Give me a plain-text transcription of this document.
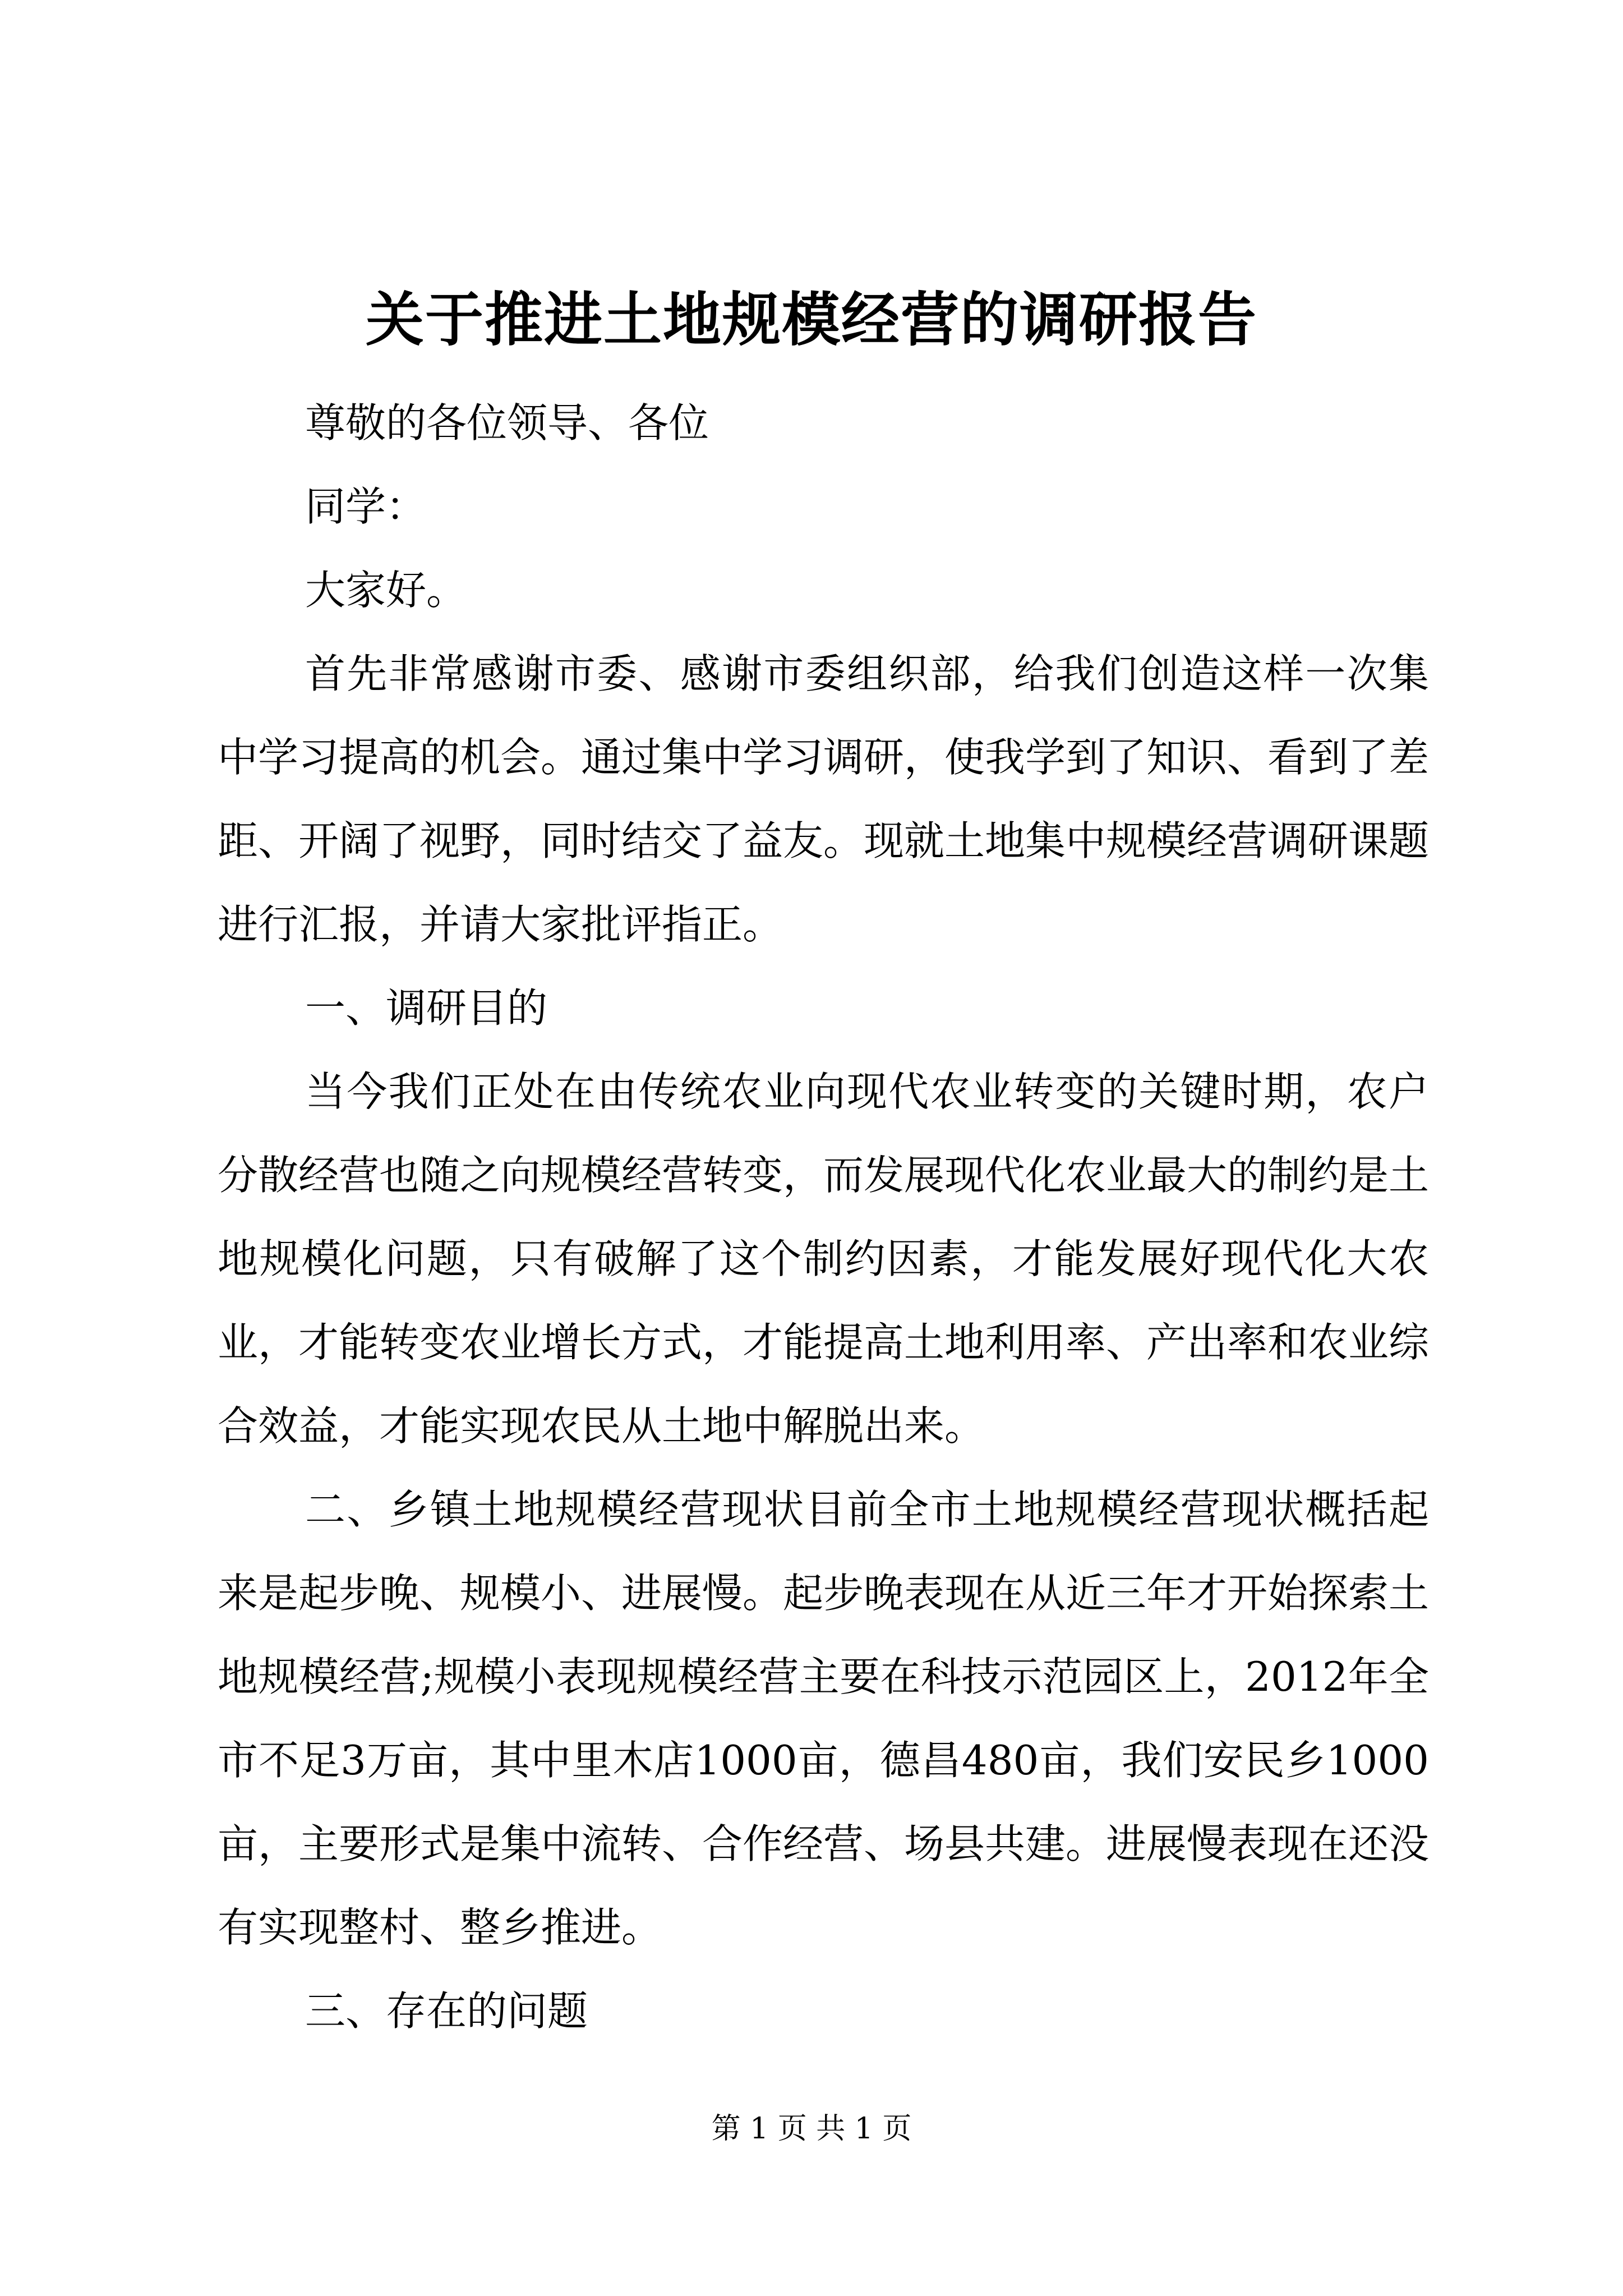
关于推进土地规模经营的调研报告

尊敬的各位领导、各位

同学：

大家好。

首先非常感谢市委、感谢市委组织部，给我们创造这样一次集中学习提高的机会。通过集中学习调研，使我学到了知识、看到了差距、开阔了视野，同时结交了益友。现就土地集中规模经营调研课题进行汇报，并请大家批评指正。

一、调研目的

当今我们正处在由传统农业向现代农业转变的关键时期，农户分散经营也随之向规模经营转变，而发展现代化农业最大的制约是土地规模化问题，只有破解了这个制约因素，才能发展好现代化大农业，才能转变农业增长方式，才能提高土地利用率、产出率和农业综合效益，才能实现农民从土地中解脱出来。

二、乡镇土地规模经营现状目前全市土地规模经营现状概括起来是起步晚、规模小、进展慢。起步晚表现在从近三年才开始探索土地规模经营;规模小表现规模经营主要在科技示范园区上，2012年全市不足3万亩，其中里木店1000亩，德昌480亩，我们安民乡1000亩，主要形式是集中流转、合作经营、场县共建。进展慢表现在还没有实现整村、整乡推进。

三、存在的问题

第 1 页 共 1 页
